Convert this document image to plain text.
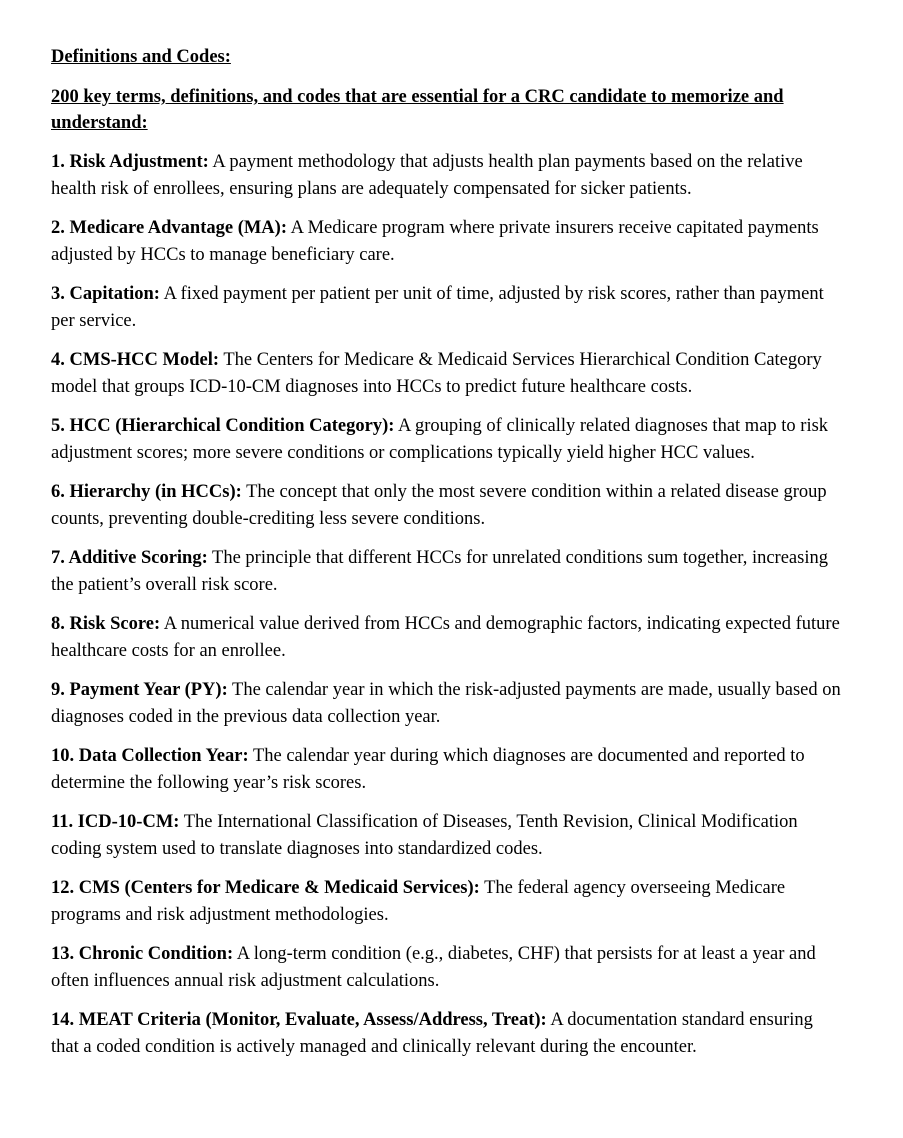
Definitions and Codes:

200 key terms, definitions, and codes that are essential for a CRC candidate to memorize and understand:

1. Risk Adjustment: A payment methodology that adjusts health plan payments based on the relative health risk of enrollees, ensuring plans are adequately compensated for sicker patients.

2. Medicare Advantage (MA): A Medicare program where private insurers receive capitated payments adjusted by HCCs to manage beneficiary care.

3. Capitation: A fixed payment per patient per unit of time, adjusted by risk scores, rather than payment per service.

4. CMS-HCC Model: The Centers for Medicare & Medicaid Services Hierarchical Condition Category model that groups ICD-10-CM diagnoses into HCCs to predict future healthcare costs.

5. HCC (Hierarchical Condition Category): A grouping of clinically related diagnoses that map to risk adjustment scores; more severe conditions or complications typically yield higher HCC values.

6. Hierarchy (in HCCs): The concept that only the most severe condition within a related disease group counts, preventing double-crediting less severe conditions.

7. Additive Scoring: The principle that different HCCs for unrelated conditions sum together, increasing the patient’s overall risk score.

8. Risk Score: A numerical value derived from HCCs and demographic factors, indicating expected future healthcare costs for an enrollee.

9. Payment Year (PY): The calendar year in which the risk-adjusted payments are made, usually based on diagnoses coded in the previous data collection year.

10. Data Collection Year: The calendar year during which diagnoses are documented and reported to determine the following year’s risk scores.

11. ICD-10-CM: The International Classification of Diseases, Tenth Revision, Clinical Modification coding system used to translate diagnoses into standardized codes.

12. CMS (Centers for Medicare & Medicaid Services): The federal agency overseeing Medicare programs and risk adjustment methodologies.

13. Chronic Condition: A long-term condition (e.g., diabetes, CHF) that persists for at least a year and often influences annual risk adjustment calculations.

14. MEAT Criteria (Monitor, Evaluate, Assess/Address, Treat): A documentation standard ensuring that a coded condition is actively managed and clinically relevant during the encounter.
